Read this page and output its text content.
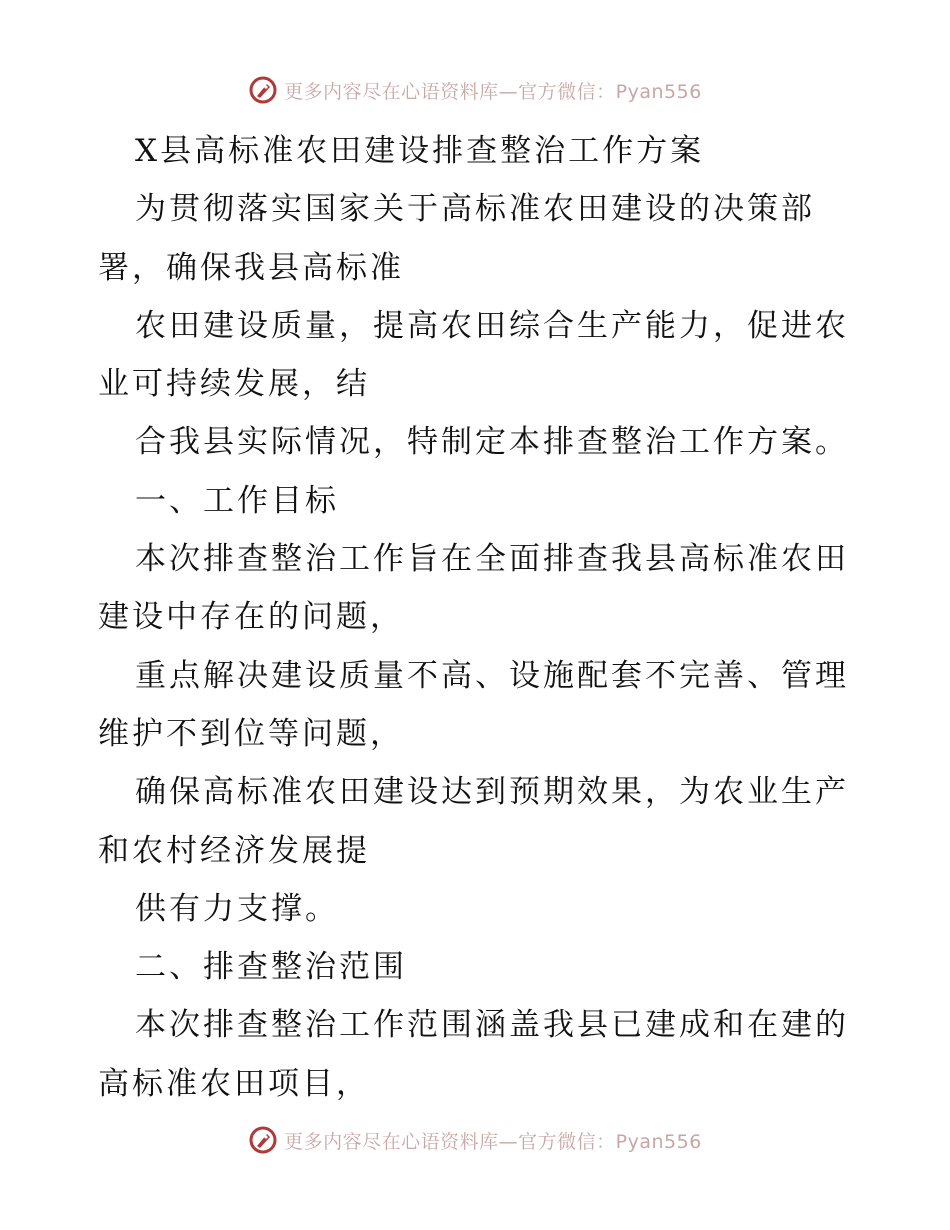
更多内容尽在心语资料库—官方微信：Pyan556
X县高标准农田建设排查整治工作方案
为贯彻落实国家关于高标准农田建设的决策部
署，确保我县高标准
农田建设质量，提高农田综合生产能力，促进农
业可持续发展，结
合我县实际情况，特制定本排查整治工作方案。
一、工作目标
本次排查整治工作旨在全面排查我县高标准农田
建设中存在的问题，
重点解决建设质量不高、设施配套不完善、管理
维护不到位等问题，
确保高标准农田建设达到预期效果，为农业生产
和农村经济发展提
供有力支撑。
二、排查整治范围
本次排查整治工作范围涵盖我县已建成和在建的
高标准农田项目，
更多内容尽在心语资料库—官方微信：Pyan556
